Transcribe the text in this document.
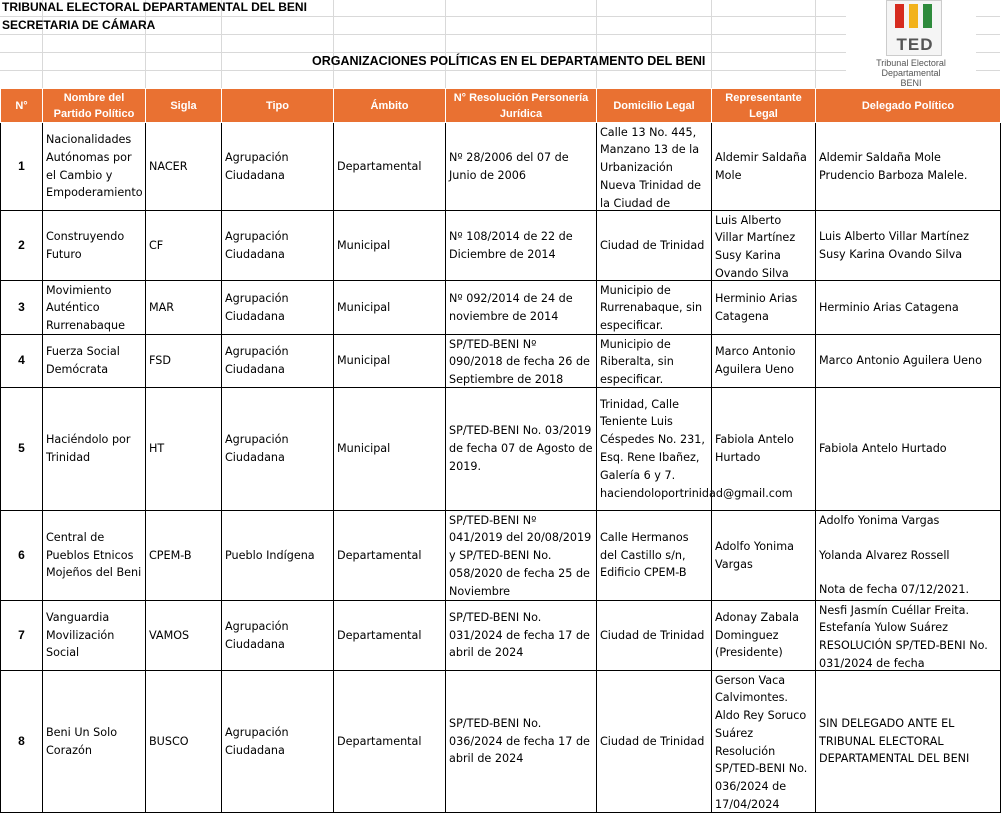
TRIBUNAL ELECTORAL DEPARTAMENTAL DEL BENI
SECRETARIA DE CÁMARA
ORGANIZACIONES POLÍTICAS EN EL DEPARTAMENTO DEL BENI
TED
Tribunal Electoral Departamental
BENI
N°	Nombre del Partido Político	Sigla	Tipo	Ámbito	N° Resolución Personería Jurídica	Domicilio Legal	Representante Legal	Delegado Político

1	Nacionalidades Autónomas por el Cambio y Empoderamiento	NACER	Agrupación Ciudadana	Departamental	Nº 28/2006 del 07 de Junio de 2006	Calle 13 No. 445, Manzano 13 de la Urbanización Nueva Trinidad de la Ciudad de	Aldemir Saldaña Mole	Aldemir Saldaña Mole
Prudencio Barboza Malele.

2	Construyendo Futuro	CF	Agrupación Ciudadana	Municipal	Nº 108/2014 de 22 de Diciembre de 2014	Ciudad de Trinidad	Luis Alberto Villar Martínez Susy Karina Ovando Silva	Luis Alberto Villar Martínez
Susy Karina Ovando Silva

3	Movimiento Auténtico Rurrenabaque	MAR	Agrupación Ciudadana	Municipal	Nº 092/2014 de 24 de noviembre de 2014	Municipio de Rurrenabaque, sin especificar.	Herminio Arias Catagena	Herminio Arias Catagena

4	Fuerza Social Demócrata	FSD	Agrupación Ciudadana	Municipal	SP/TED-BENI Nº 090/2018 de fecha 26 de Septiembre de 2018	Municipio de Riberalta, sin especificar.	Marco Antonio Aguilera Ueno	Marco Antonio Aguilera Ueno

5	Haciéndolo por Trinidad	HT	Agrupación Ciudadana	Municipal	SP/TED-BENI No. 03/2019 de fecha 07 de Agosto de 2019.	Trinidad, Calle Teniente Luis Céspedes No. 231, Esq. Rene Ibañez, Galería 6 y 7. haciendoloportrinidad@gmail.com	Fabiola Antelo Hurtado	Fabiola Antelo Hurtado

6	Central de Pueblos Etnicos Mojeños del Beni	CPEM-B	Pueblo Indígena	Departamental	SP/TED-BENI Nº 041/2019 del 20/08/2019 y SP/TED-BENI No. 058/2020 de fecha 25 de Noviembre	Calle Hermanos del Castillo s/n, Edificio CPEM-B	Adolfo Yonima Vargas	Adolfo Yonima Vargas
Yolanda Alvarez Rossell
Nota de fecha 07/12/2021.

7	Vanguardia Movilización Social	VAMOS	Agrupación Ciudadana	Departamental	SP/TED-BENI No. 031/2024 de fecha 17 de abril de 2024	Ciudad de Trinidad	Adonay Zabala Dominguez (Presidente)	Nesfi Jasmín Cuéllar Freita.
Estefanía Yulow Suárez
RESOLUCIÓN SP/TED-BENI No. 031/2024 de fecha

8	Beni Un Solo Corazón	BUSCO	Agrupación Ciudadana	Departamental	SP/TED-BENI No. 036/2024 de fecha 17 de abril de 2024	Ciudad de Trinidad	Gerson Vaca Calvimontes. Aldo Rey Soruco Suárez Resolución SP/TED-BENI No. 036/2024 de 17/04/2024	SIN DELEGADO ANTE EL TRIBUNAL ELECTORAL DEPARTAMENTAL DEL BENI
